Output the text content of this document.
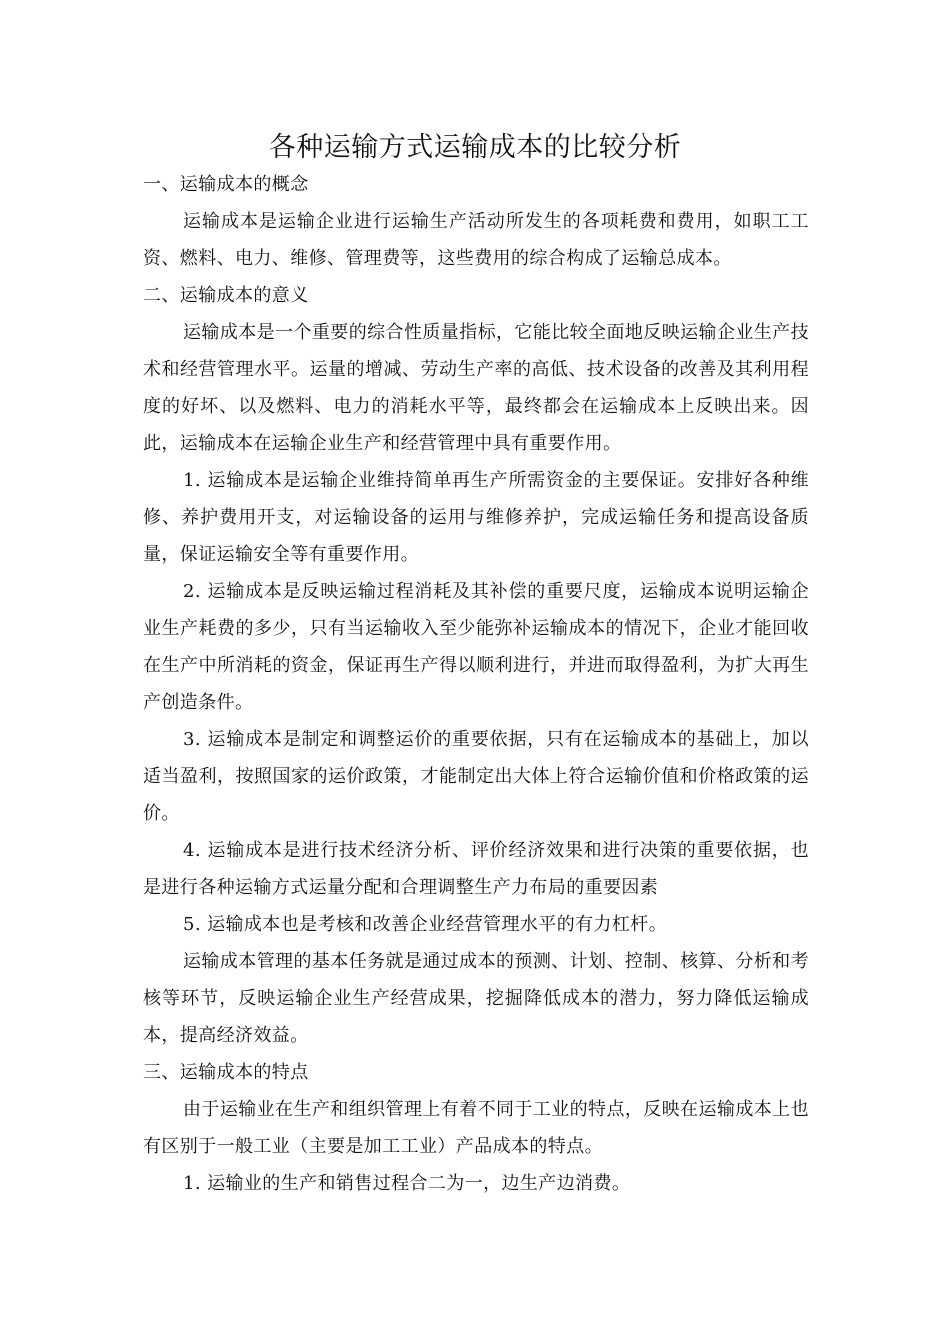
各种运输方式运输成本的比较分析

一、运输成本的概念

运输成本是运输企业进行运输生产活动所发生的各项耗费和费用，如职工工资、燃料、电力、维修、管理费等，这些费用的综合构成了运输总成本。

二、运输成本的意义

运输成本是一个重要的综合性质量指标，它能比较全面地反映运输企业生产技术和经营管理水平。运量的增减、劳动生产率的高低、技术设备的改善及其利用程度的好坏、以及燃料、电力的消耗水平等，最终都会在运输成本上反映出来。因此，运输成本在运输企业生产和经营管理中具有重要作用。

1. 运输成本是运输企业维持简单再生产所需资金的主要保证。安排好各种维修、养护费用开支，对运输设备的运用与维修养护，完成运输任务和提高设备质量，保证运输安全等有重要作用。

2. 运输成本是反映运输过程消耗及其补偿的重要尺度，运输成本说明运输企业生产耗费的多少，只有当运输收入至少能弥补运输成本的情况下，企业才能回收在生产中所消耗的资金，保证再生产得以顺利进行，并进而取得盈利，为扩大再生产创造条件。

3. 运输成本是制定和调整运价的重要依据，只有在运输成本的基础上，加以适当盈利，按照国家的运价政策，才能制定出大体上符合运输价值和价格政策的运价。

4. 运输成本是进行技术经济分析、评价经济效果和进行决策的重要依据，也是进行各种运输方式运量分配和合理调整生产力布局的重要因素

5. 运输成本也是考核和改善企业经营管理水平的有力杠杆。

运输成本管理的基本任务就是通过成本的预测、计划、控制、核算、分析和考核等环节，反映运输企业生产经营成果，挖掘降低成本的潜力，努力降低运输成本，提高经济效益。

三、运输成本的特点

由于运输业在生产和组织管理上有着不同于工业的特点，反映在运输成本上也有区别于一般工业（主要是加工工业）产品成本的特点。

1. 运输业的生产和销售过程合二为一，边生产边消费。
